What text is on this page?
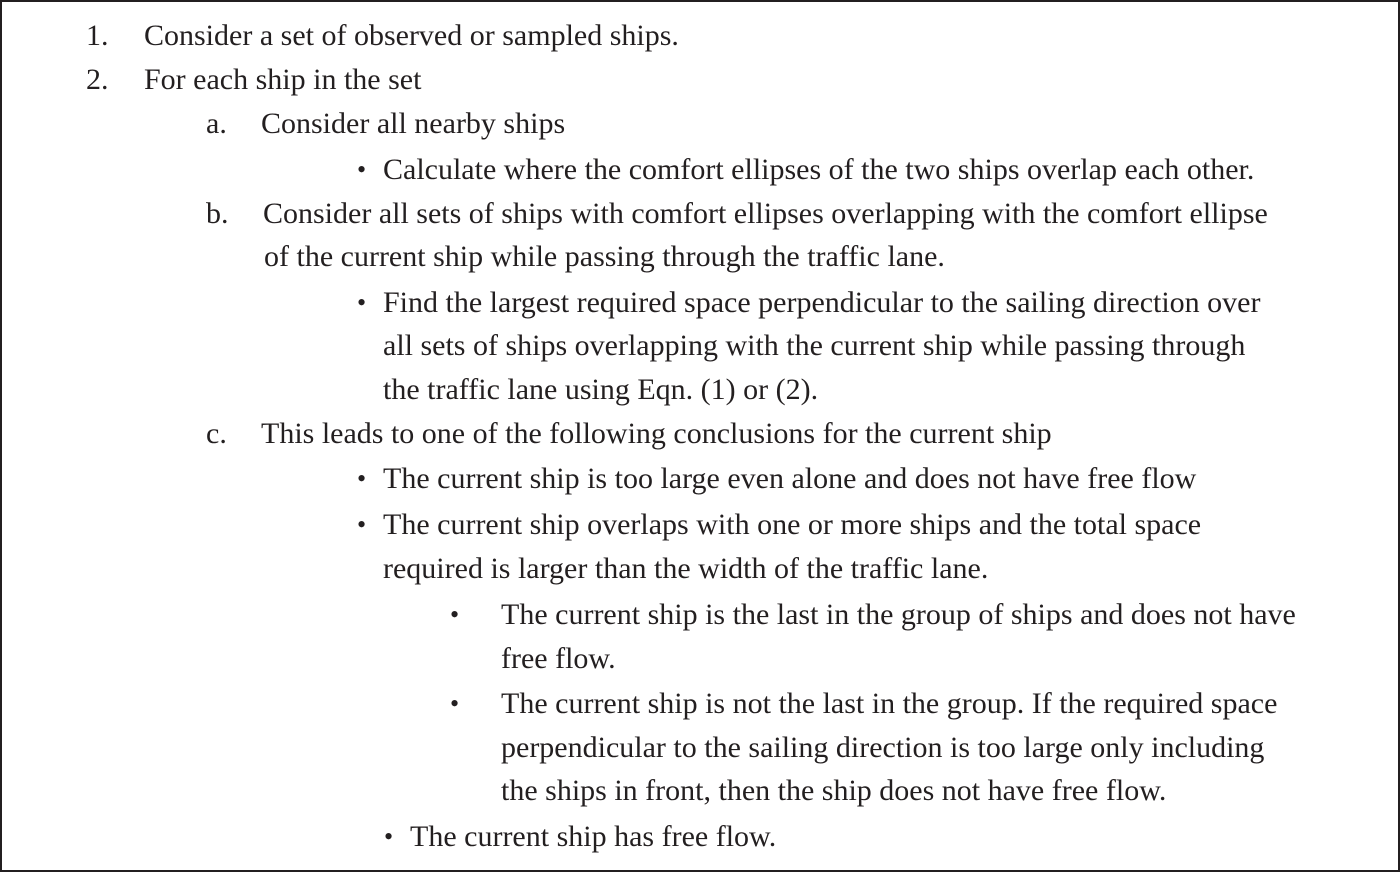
1. Consider a set of observed or sampled ships.
2. For each ship in the set
a. Consider all nearby ships
• Calculate where the comfort ellipses of the two ships overlap each other.
b. Consider all sets of ships with comfort ellipses overlapping with the comfort ellipse
of the current ship while passing through the traffic lane.
• Find the largest required space perpendicular to the sailing direction over
all sets of ships overlapping with the current ship while passing through
the traffic lane using Eqn. (1) or (2).
c. This leads to one of the following conclusions for the current ship
• The current ship is too large even alone and does not have free flow
• The current ship overlaps with one or more ships and the total space
required is larger than the width of the traffic lane.
• The current ship is the last in the group of ships and does not have
free flow.
• The current ship is not the last in the group. If the required space
perpendicular to the sailing direction is too large only including
the ships in front, then the ship does not have free flow.
• The current ship has free flow.
